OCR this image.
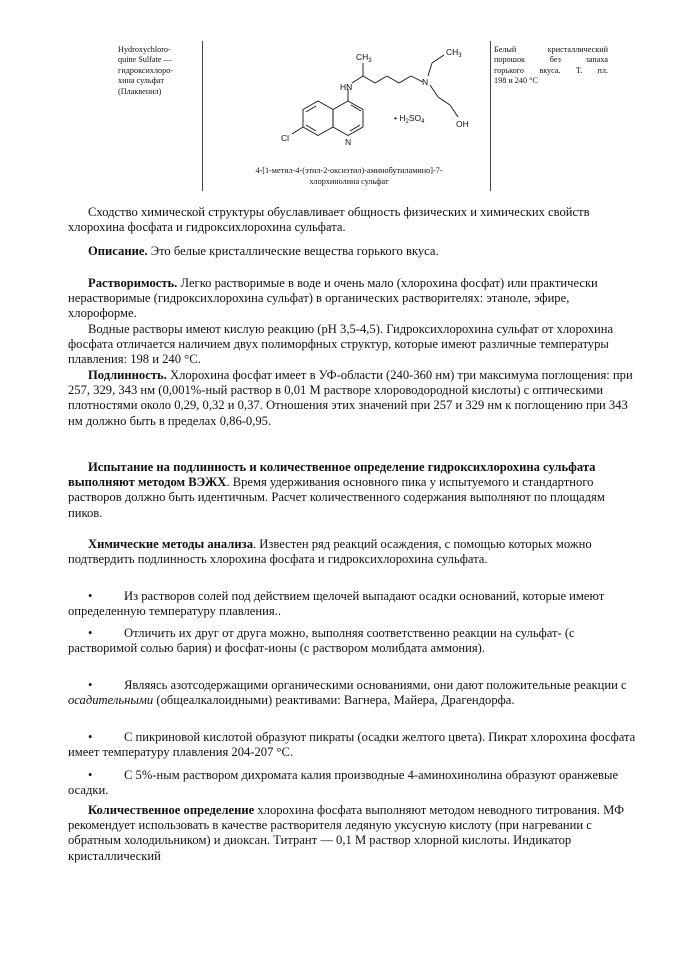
Hydroxychloro-
quine Sulfate —
гидроксихлоро-
хина сульфат
(Плаквенил)
$CH_3$
$CH_3$
HN	N
OH
• $H_2SO_4$
Cl	N
4-[1-метил-4-(этил-2-оксиэтил)-аминобутиламино]-7-
хлорхинолина сульфат
Белый кристаллический
порошок без запаха
горького вкуса. Т. пл.
198 и 240 °С

Сходство химической структуры обуславливает общность физических и химических свойств хлорохина фосфата и гидроксихлорохина сульфата.

Описание. Это белые кристаллические вещества горького вкуса.

Растворимость. Легко растворимые в воде и очень мало (хлорохина фосфат) или практически нерастворимые (гидроксихлорохина сульфат) в органических растворителях: этаноле, эфире, хлороформе.

Водные растворы имеют кислую реакцию (рН 3,5-4,5). Гидроксихлорохина сульфат от хлорохина фосфата отличается наличием двух полиморфных структур, которые имеют различные температуры плавления: 198 и 240 °С.

Подлинность. Хлорохина фосфат имеет в УФ-области (240-360 нм) три максимума поглощения: при 257, 329, 343 нм (0,001%-ный раствор в 0,01 М растворе хлороводородной кислоты) с оптическими плотностями около 0,29, 0,32 и 0,37. Отношения этих значений при 257 и 329 нм к поглощению при 343 нм должно быть в пределах 0,86-0,95.

Испытание на подлинность и количественное определение гидроксихлорохина сульфата выполняют методом ВЭЖХ. Время удерживания основного пика у испытуемого и стандартного растворов должно быть идентичным. Расчет количественного содержания выполняют по площадям пиков.

Химические методы анализа. Известен ряд реакций осаждения, с помощью которых можно подтвердить подлинность хлорохина фосфата и гидроксихлорохина сульфата.

•	Из растворов солей под действием щелочей выпадают осадки оснований, которые имеют определенную температуру плавления..

•	Отличить их друг от друга можно, выполняя соответственно реакции на сульфат- (с растворимой солью бария) и фосфат-ионы (с раствором молибдата аммония).

•	Являясь азотсодержащими органическими основаниями, они дают положительные реакции с осадительными (общеалкалоидными) реактивами: Вагнера, Майера, Драгендорфа.

•	С пикриновой кислотой образуют пикраты (осадки желтого цвета). Пикрат хлорохина фосфата имеет температуру плавления 204-207 °С.

•	С 5%-ным раствором дихромата калия производные 4-аминохинолина образуют оранжевые осадки.

Количественное определение хлорохина фосфата выполняют методом неводного титрования. МФ рекомендует использовать в качестве растворителя ледяную уксусную кислоту (при нагревании с обратным холодильником) и диоксан. Титрант — 0,1 М раствор хлорной кислоты. Индикатор кристаллический
